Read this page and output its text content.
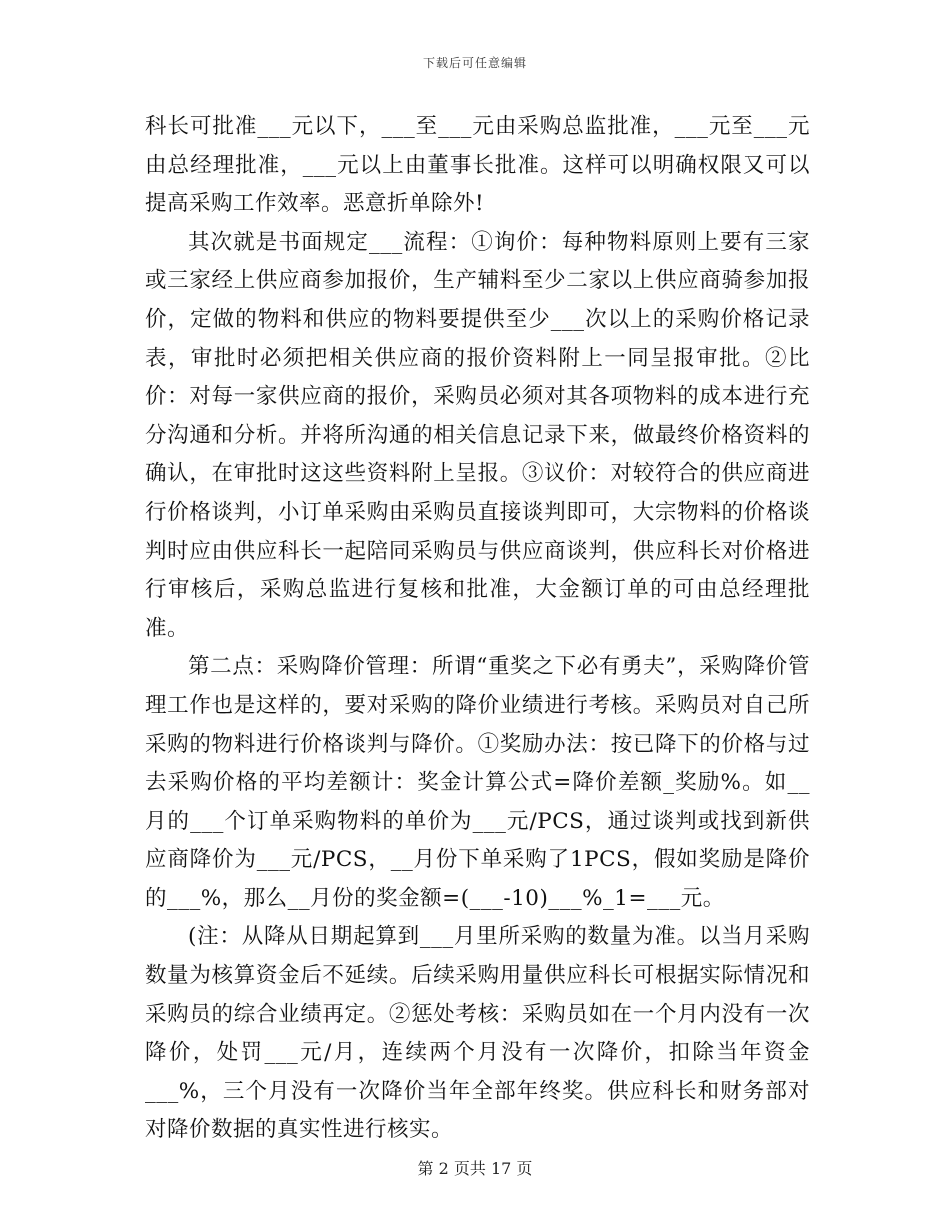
下载后可任意编辑

科长可批准___元以下，___至___元由采购总监批准，___元至___元由总经理批准，___元以上由董事长批准。这样可以明确权限又可以提高采购工作效率。恶意折单除外!

其次就是书面规定___流程：①询价：每种物料原则上要有三家或三家经上供应商参加报价，生产辅料至少二家以上供应商骑参加报价，定做的物料和供应的物料要提供至少___次以上的采购价格记录表，审批时必须把相关供应商的报价资料附上一同呈报审批。②比价：对每一家供应商的报价，采购员必须对其各项物料的成本进行充分沟通和分析。并将所沟通的相关信息记录下来，做最终价格资料的确认，在审批时这这些资料附上呈报。③议价：对较符合的供应商进行价格谈判，小订单采购由采购员直接谈判即可，大宗物料的价格谈判时应由供应科长一起陪同采购员与供应商谈判，供应科长对价格进行审核后，采购总监进行复核和批准，大金额订单的可由总经理批准。

第二点：采购降价管理：所谓“重奖之下必有勇夫”，采购降价管理工作也是这样的，要对采购的降价业绩进行考核。采购员对自己所采购的物料进行价格谈判与降价。①奖励办法：按已降下的价格与过去采购价格的平均差额计：奖金计算公式=降价差额_奖励%。如__月的___个订单采购物料的单价为___元/PCS，通过谈判或找到新供应商降价为___元/PCS，__月份下单采购了1PCS，假如奖励是降价的___%，那么__月份的奖金额=(___-10)___%_1=___元。

(注：从降从日期起算到___月里所采购的数量为准。以当月采购数量为核算资金后不延续。后续采购用量供应科长可根据实际情况和采购员的综合业绩再定。②惩处考核：采购员如在一个月内没有一次降价，处罚___元/月，连续两个月没有一次降价，扣除当年资金___%，三个月没有一次降价当年全部年终奖。供应科长和财务部对对降价数据的真实性进行核实。

第 2 页共 17 页
